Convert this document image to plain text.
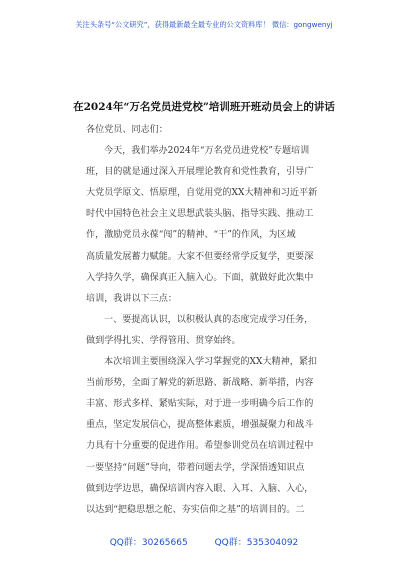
关注头条号“公文研究”，获得最新最全最专业的公文资料库！ 微信：gongwenyj
在2024年“万名党员进党校”培训班开班动员会上的讲话
各位党员、同志们：
今天，我们举办2024年“万名党员进党校”专题培训
班，目的就是通过深入开展理论教育和党性教育，引导广
大党员学原文、悟原理，自觉用党的XX大精神和习近平新
时代中国特色社会主义思想武装头脑、指导实践、推动工
作，激励党员永葆“闯”的精神、“干”的作风，为区域
高质量发展蓄力赋能。大家不但要经常学反复学，更要深
入学持久学，确保真正入脑入心。下面，就做好此次集中
培训，我讲以下三点：
一、要提高认识，以积极认真的态度完成学习任务，
做到学得扎实、学得管用、贯穿始终。
本次培训主要围绕深入学习掌握党的XX大精神，紧扣
当前形势，全面了解党的新思路、新战略、新举措，内容
丰富、形式多样、紧贴实际，对于进一步明确今后工作的
重点，坚定发展信心，提高整体素质，增强凝聚力和战斗
力具有十分重要的促进作用。希望参训党员在培训过程中
一要坚持“问题”导向，带着问题去学，学深悟透知识点
做到边学边思，确保培训内容入眼、入耳、入脑、入心，
以达到“把稳思想之舵、夯实信仰之基”的培训目的。二
QQ群：30265665	QQ群：535304092
